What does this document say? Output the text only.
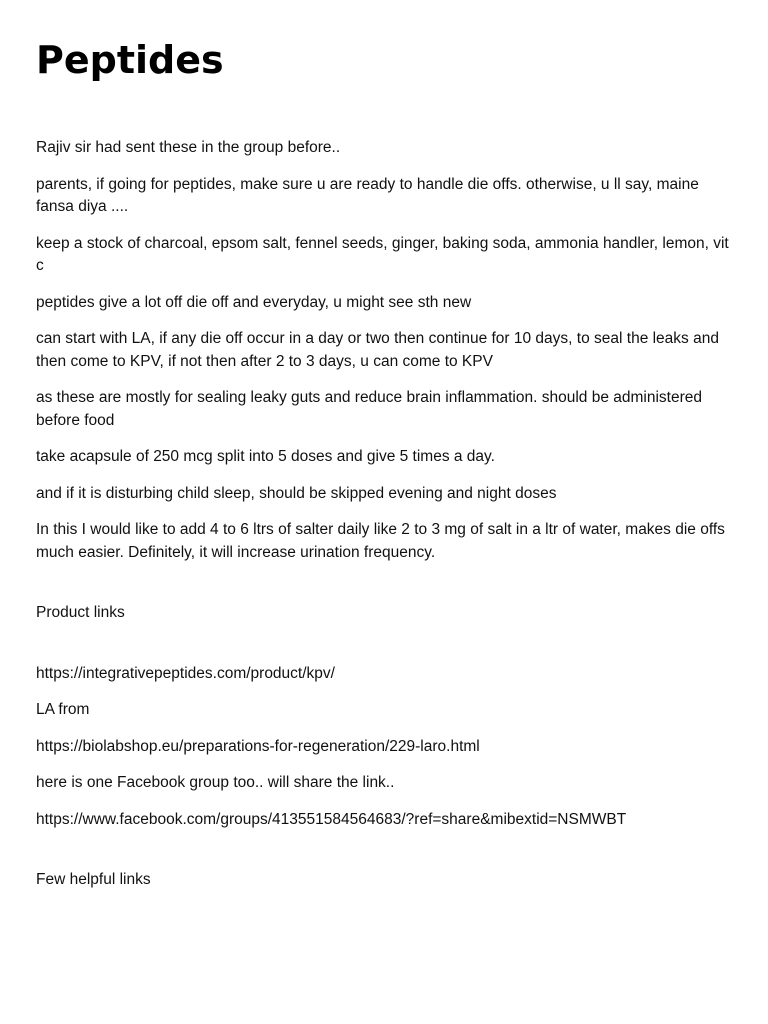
Peptides

Rajiv sir had sent these in the group before..

parents, if going for peptides, make sure u are ready to handle die offs. otherwise, u ll say, maine fansa diya ....

keep a stock of charcoal, epsom salt, fennel seeds, ginger, baking soda, ammonia handler, lemon, vit c

peptides give a lot off die off and everyday, u might see sth new

can start with LA, if any die off occur in a day or two then continue for 10 days, to seal the leaks and then come to KPV, if not then after 2 to 3 days, u can come to KPV

as these are mostly for sealing leaky guts and reduce brain inflammation. should be administered before food

take acapsule of 250 mcg split into 5 doses and give 5 times a day.

and if it is disturbing child sleep, should be skipped evening and night doses

In this I would like to add 4 to 6 ltrs of salter daily like 2 to 3 mg of salt in a ltr of water, makes die offs much easier. Definitely, it will increase urination frequency.

Product links

https://integrativepeptides.com/product/kpv/

LA from

https://biolabshop.eu/preparations-for-regeneration/229-laro.html

here is one Facebook group too.. will share the link..

https://www.facebook.com/groups/413551584564683/?ref=share&mibextid=NSMWBT

Few helpful links
